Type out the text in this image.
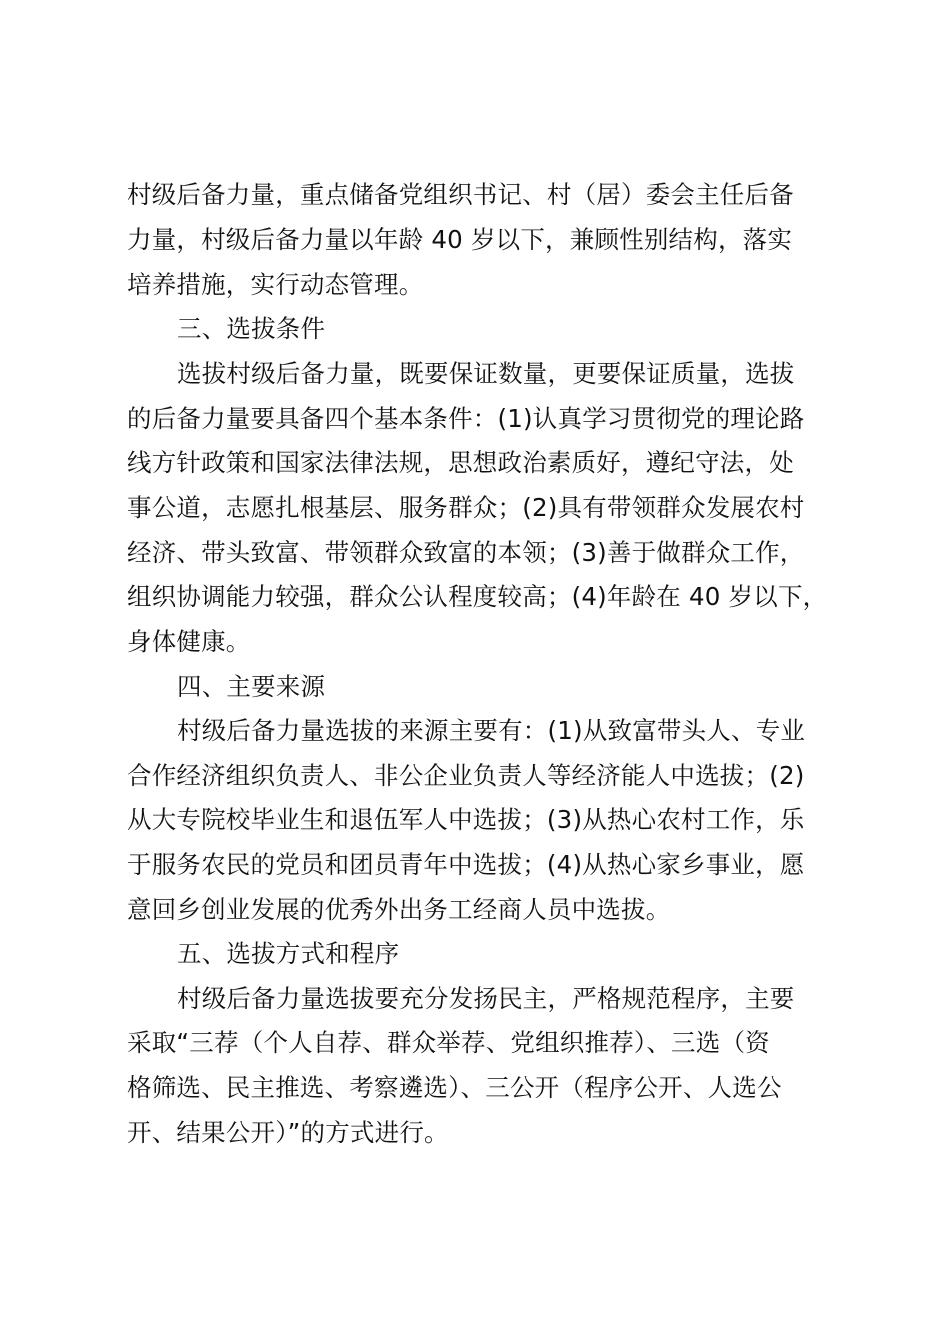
村级后备力量，重点储备党组织书记、村（居）委会主任后备
力量，村级后备力量以年龄 40 岁以下，兼顾性别结构，落实
培养措施，实行动态管理。
三、选拔条件
选拔村级后备力量，既要保证数量，更要保证质量，选拔
的后备力量要具备四个基本条件：(1)认真学习贯彻党的理论路
线方针政策和国家法律法规，思想政治素质好，遵纪守法，处
事公道，志愿扎根基层、服务群众；(2)具有带领群众发展农村
经济、带头致富、带领群众致富的本领；(3)善于做群众工作，
组织协调能力较强，群众公认程度较高；(4)年龄在 40 岁以下，
身体健康。
四、主要来源
村级后备力量选拔的来源主要有：(1)从致富带头人、专业
合作经济组织负责人、非公企业负责人等经济能人中选拔；(2)
从大专院校毕业生和退伍军人中选拔；(3)从热心农村工作，乐
于服务农民的党员和团员青年中选拔；(4)从热心家乡事业，愿
意回乡创业发展的优秀外出务工经商人员中选拔。
五、选拔方式和程序
村级后备力量选拔要充分发扬民主，严格规范程序，主要
采取“三荐（个人自荐、群众举荐、党组织推荐）、三选（资
格筛选、民主推选、考察遴选）、三公开（程序公开、人选公
开、结果公开）”的方式进行。
